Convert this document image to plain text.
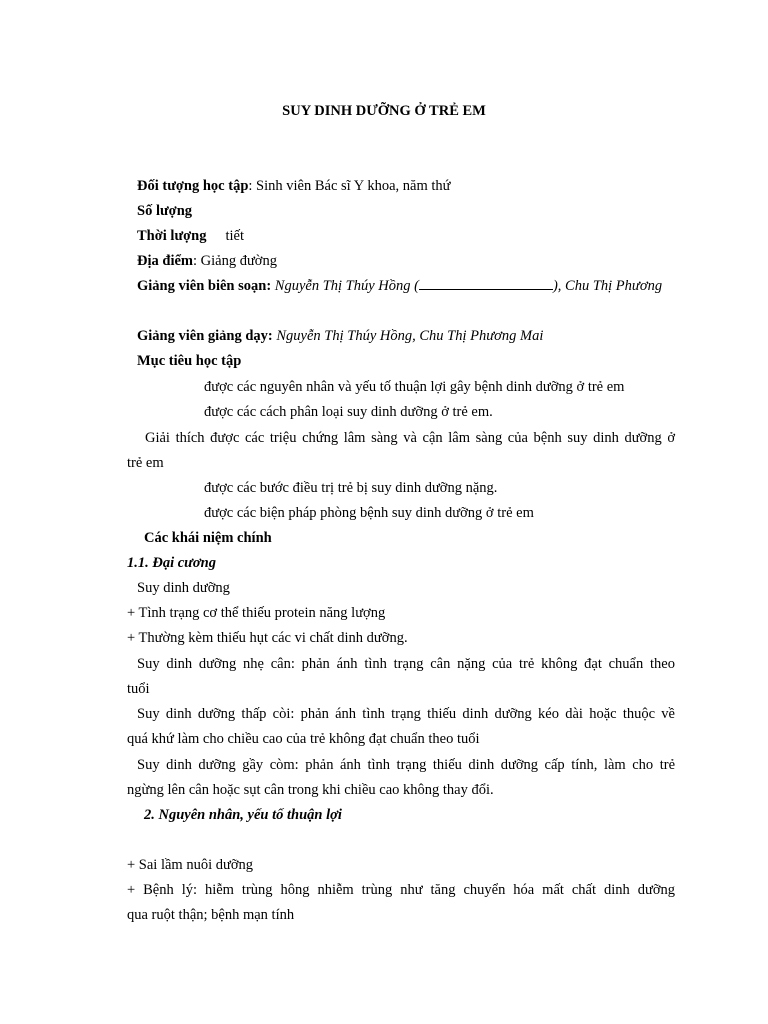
SUY DINH DƯỠNG Ở TRẺ EM
Đối tượng học tập: Sinh viên Bác sĩ Y khoa, năm thứ
Số lượng
Thời lượng tiết
Địa điểm: Giảng đường
Giảng viên biên soạn: Nguyễn Thị Thúy Hồng (	), Chu Thị Phương
Giảng viên giảng dạy: Nguyễn Thị Thúy Hồng, Chu Thị Phương Mai
Mục tiêu học tập
được các nguyên nhân và yếu tố thuận lợi gây bệnh dinh dưỡng ở trẻ em
được các cách phân loại suy dinh dưỡng ở trẻ em.
Giải thích được các triệu chứng lâm sàng và cận lâm sàng của bệnh suy dinh dưỡng ở
trẻ em
được các bước điều trị trẻ bị suy dinh dưỡng nặng.
được các biện pháp phòng bệnh suy dinh dưỡng ở trẻ em
Các khái niệm chính
1.1. Đại cương
Suy dinh dưỡng
+ Tình trạng cơ thể thiếu protein năng lượng
+ Thường kèm thiếu hụt các vi chất dinh dưỡng.
Suy dinh dưỡng nhẹ cân: phản ánh tình trạng cân nặng của trẻ không đạt chuẩn theo
tuổi
Suy dinh dưỡng thấp còi: phản ánh tình trạng thiếu dinh dưỡng kéo dài hoặc thuộc về
quá khứ làm cho chiều cao của trẻ không đạt chuẩn theo tuổi
Suy dinh dưỡng gầy còm: phản ánh tình trạng thiếu dinh dưỡng cấp tính, làm cho trẻ
ngừng lên cân hoặc sụt cân trong khi chiều cao không thay đổi.
2. Nguyên nhân, yếu tố thuận lợi
+ Sai lầm nuôi dưỡng
+ Bệnh lý: hiễm trùng hông nhiễm trùng như tăng chuyển hóa mất chất dinh dưỡng
qua ruột thận; bệnh mạn tính
